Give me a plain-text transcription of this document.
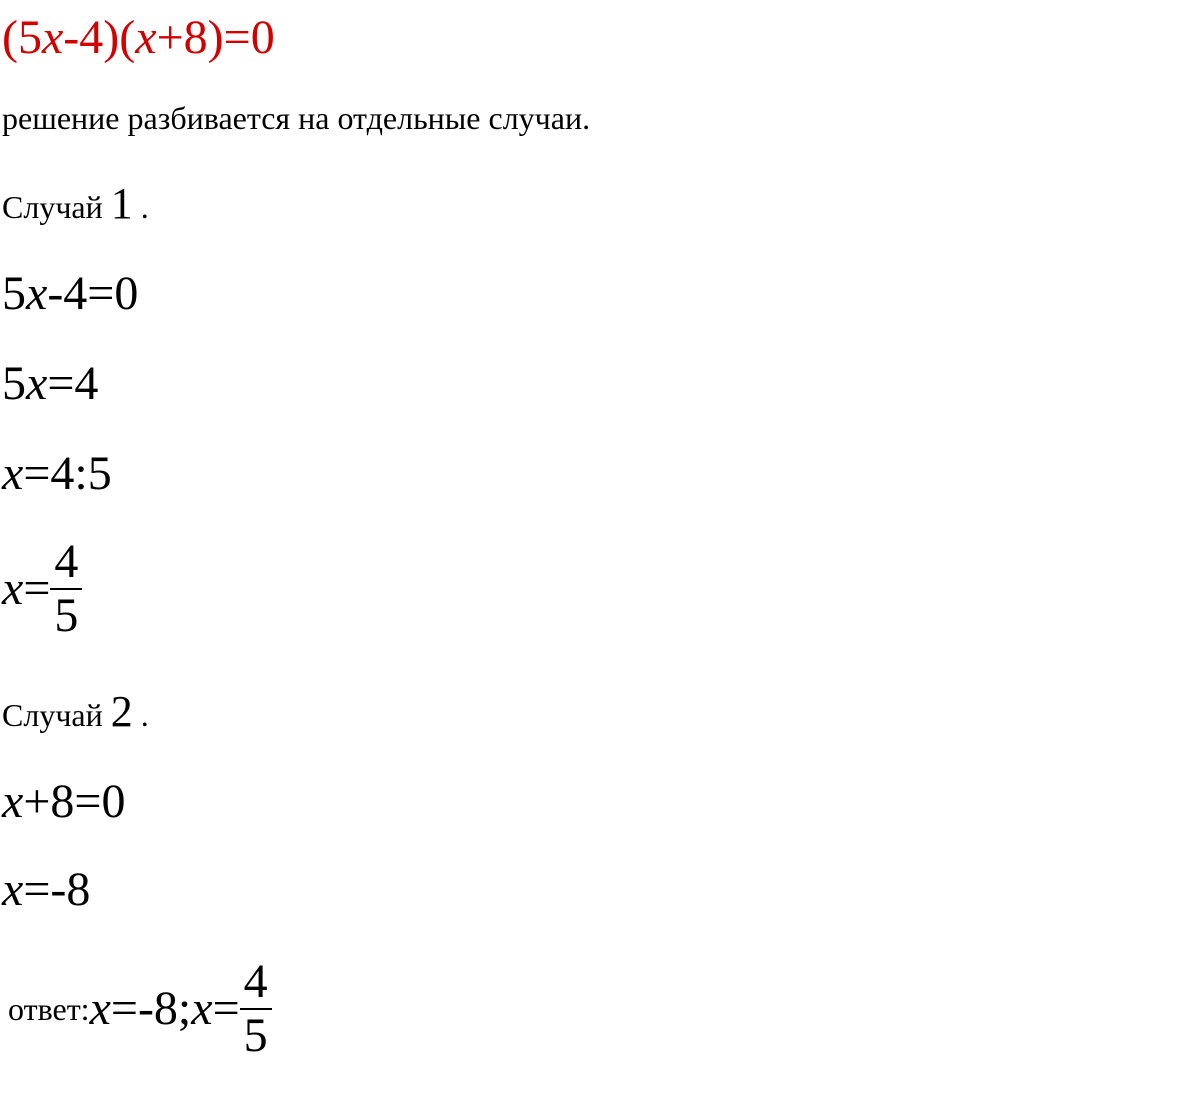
(5x-4)(x+8)=0
решение разбивается на отдельные случаи.
Случай 1 .
5x-4=0
5x=4
x=4:5
$x= \frac{4}{5}$
Случай 2 .
x+8=0
x=-8
ответ:x=-8;x= $\frac{4}{5}$
